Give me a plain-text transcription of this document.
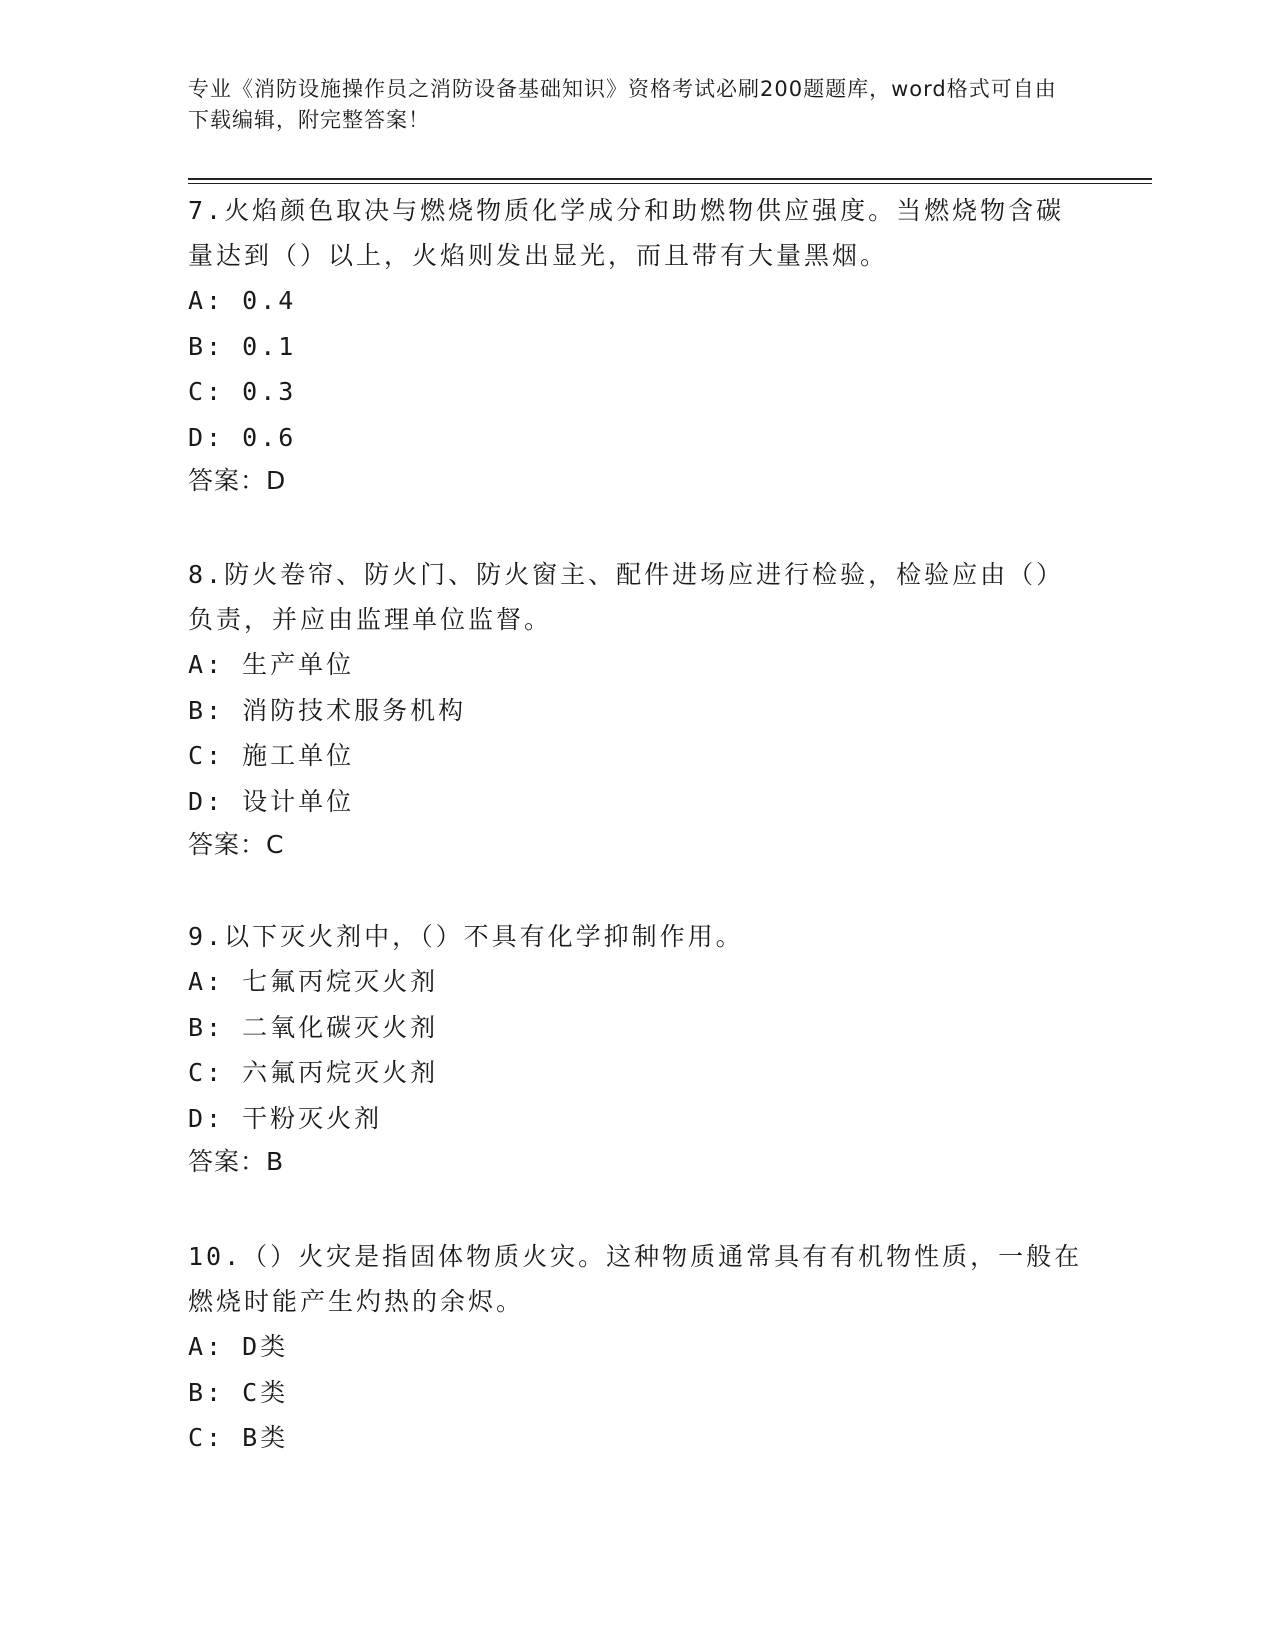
专业《消防设施操作员之消防设备基础知识》资格考试必刷200题题库，word格式可自由下载编辑，附完整答案！
7.火焰颜色取决与燃烧物质化学成分和助燃物供应强度。当燃烧物含碳量达到（）以上，火焰则发出显光，而且带有大量黑烟。
A: 0.4
B: 0.1
C: 0.3
D: 0.6
答案：D
8.防火卷帘、防火门、防火窗主、配件进场应进行检验，检验应由（）负责，并应由监理单位监督。
A: 生产单位
B: 消防技术服务机构
C: 施工单位
D: 设计单位
答案：C
9.以下灭火剂中，（）不具有化学抑制作用。
A: 七氟丙烷灭火剂
B: 二氧化碳灭火剂
C: 六氟丙烷灭火剂
D: 干粉灭火剂
答案：B
10.（）火灾是指固体物质火灾。这种物质通常具有有机物性质，一般在燃烧时能产生灼热的余烬。
A: D类
B: C类
C: B类
